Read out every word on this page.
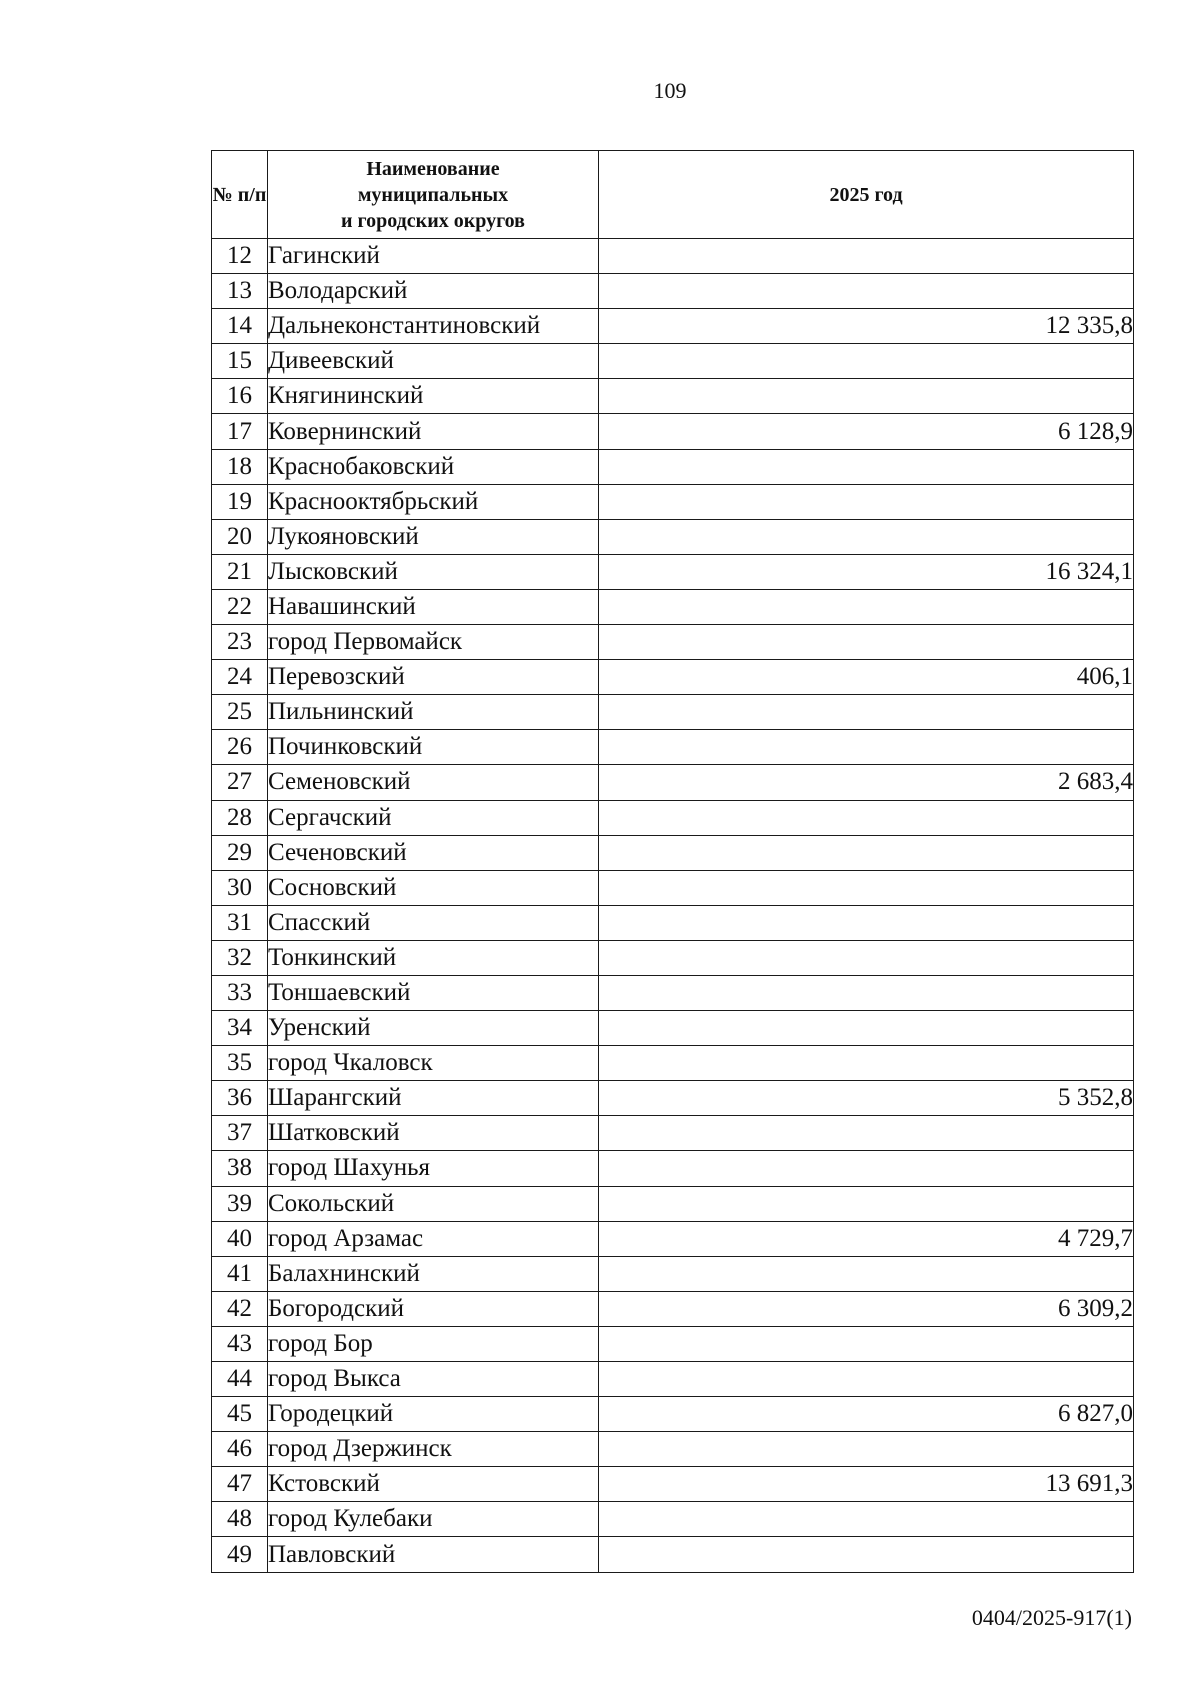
109
№ п/п	Наименование
муниципальных
и городских округов	2025 год
12	Гагинский	
13	Володарский	
14	Дальнеконстантиновский	12 335,8
15	Дивеевский	
16	Княгининский	
17	Ковернинский	6 128,9
18	Краснобаковский	
19	Краснооктябрьский	
20	Лукояновский	
21	Лысковский	16 324,1
22	Навашинский	
23	город Первомайск	
24	Перевозский	406,1
25	Пильнинский	
26	Починковский	
27	Семеновский	2 683,4
28	Сергачский	
29	Сеченовский	
30	Сосновский	
31	Спасский	
32	Тонкинский	
33	Тоншаевский	
34	Уренский	
35	город Чкаловск	
36	Шарангский	5 352,8
37	Шатковский	
38	город Шахунья	
39	Сокольский	
40	город Арзамас	4 729,7
41	Балахнинский	
42	Богородский	6 309,2
43	город Бор	
44	город Выкса	
45	Городецкий	6 827,0
46	город Дзержинск	
47	Кстовский	13 691,3
48	город Кулебаки	
49	Павловский	
0404/2025-917(1)
